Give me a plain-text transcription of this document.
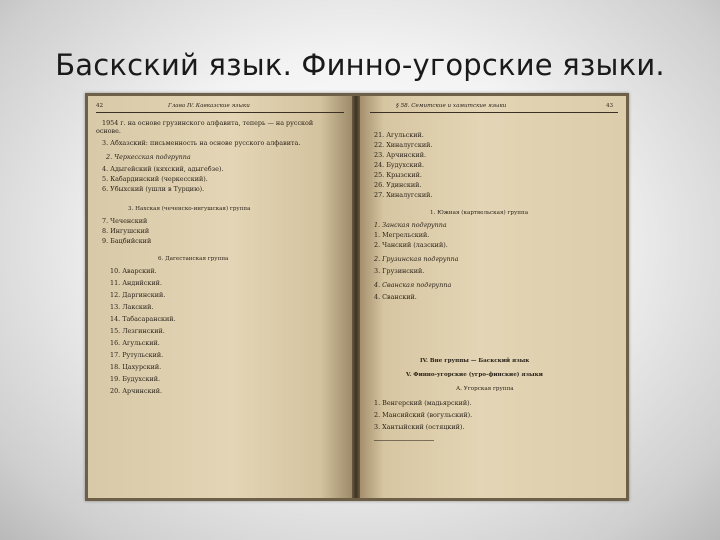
Баскский язык. Финно-угорские языки.
42	Глава IV. Кавказские языки
1954 г. на основе грузинского алфавита, теперь — на русской
основе.
3. Абхазский: письменность на основе русского алфавита.
2. Черкесская подгруппа
4. Адыгейский (кяхский, адыгебзе).
5. Кабардинский (черкесский).
6. Убыхский (ушли в Турцию).
3. Нахская (чеченско-ингушская) группа
7. Чеченский
8. Ингушский
9. Бацбийский
6. Дагестанская группа
10. Аварский.
11. Андийский.
12. Даргинский.
13. Лакский.
14. Табасаранский.
15. Лезгинский.
16. Агульский.
17. Рутульский.
18. Цахурский.
19. Будухский.
20. Арчинский.
§ 58. Семитские и хамитские языки	43
21. Агульский.
22. Хиналугский.
23. Арчинский.
24. Будухский.
25. Крызский.
26. Удинский.
27. Хиналугский.
1. Южная (картвельская) группа
1. Занская подгруппа
1. Мегрельский.
2. Чанский (лазский).
2. Грузинская подгруппа
3. Грузинский.
4. Сванская подгруппа
4. Сванский.
IV. Вне группы — Баскский язык
V. Финно-угорские (угро-финские) языки
А. Угорская группа
1. Венгерский (мадьярский).
2. Мансийский (вогульский).
3. Хантыйский (остяцкий).
